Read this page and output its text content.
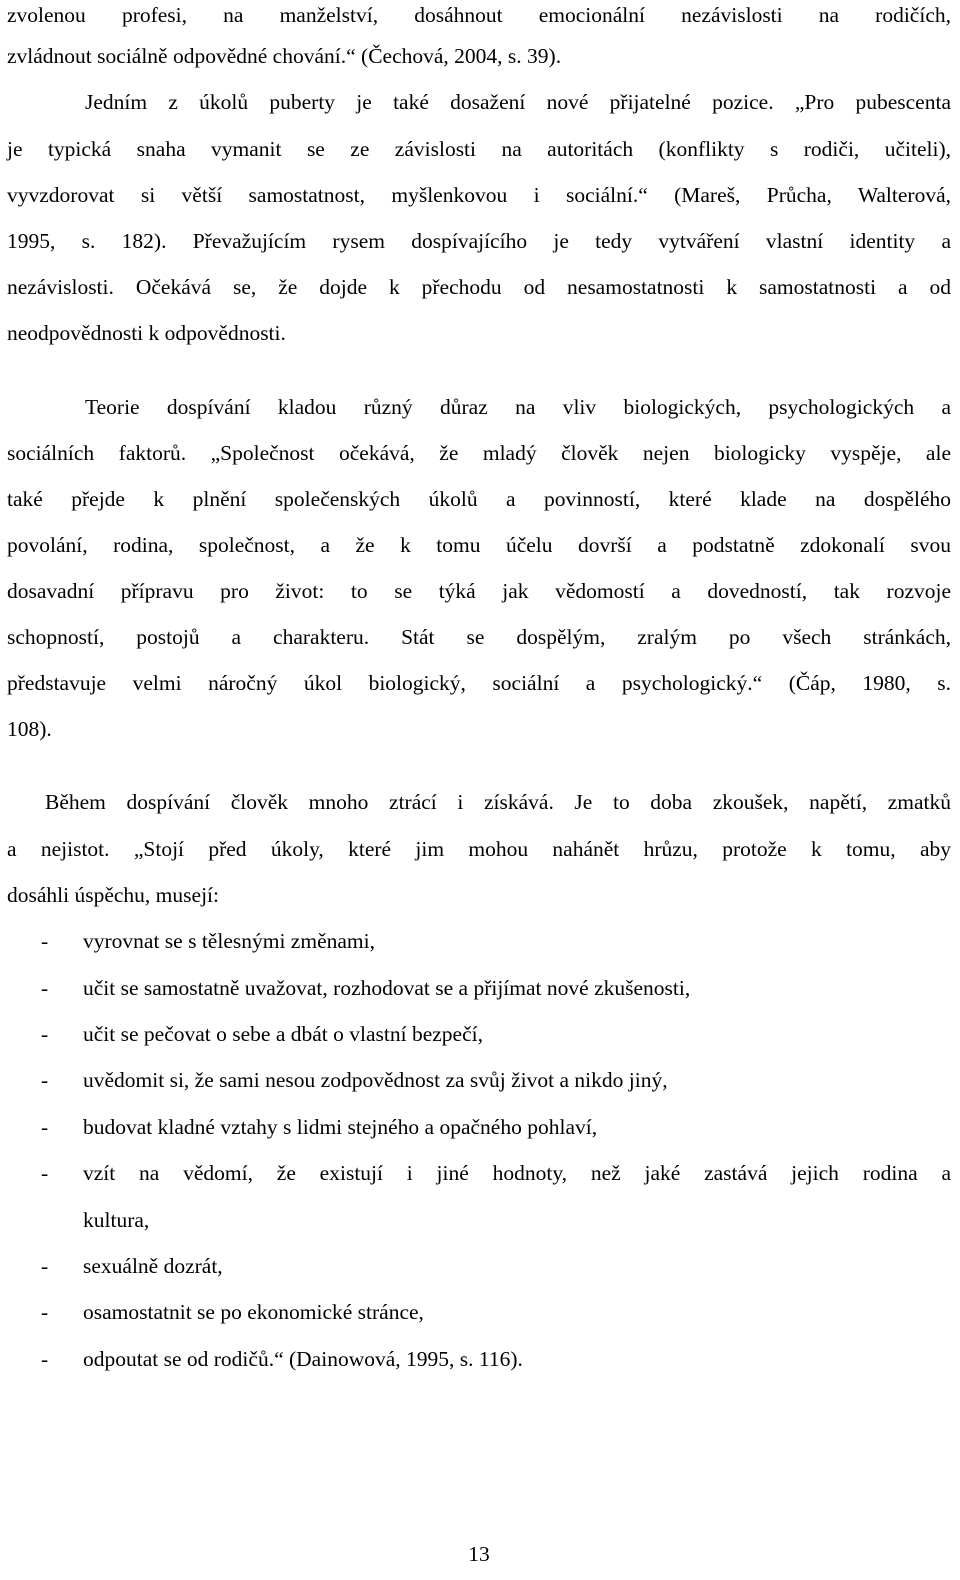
zvolenou profesi, na manželství, dosáhnout emocionální nezávislosti na rodičích,
zvládnout sociálně odpovědné chování.“ (Čechová, 2004, s. 39).
Jedním z úkolů puberty je také dosažení nové přijatelné pozice. „Pro pubescenta
je typická snaha vymanit se ze závislosti na autoritách (konflikty s rodiči, učiteli),
vyvzdorovat si větší samostatnost, myšlenkovou i sociální.“ (Mareš, Průcha, Walterová,
1995, s. 182). Převažujícím rysem dospívajícího je tedy vytváření vlastní identity a
nezávislosti. Očekává se, že dojde k přechodu od nesamostatnosti k samostatnosti a od
neodpovědnosti k odpovědnosti.
Teorie dospívání kladou různý důraz na vliv biologických, psychologických a
sociálních faktorů. „Společnost očekává, že mladý člověk nejen biologicky vyspěje, ale
také přejde k plnění společenských úkolů a povinností, které klade na dospělého
povolání, rodina, společnost, a že k tomu účelu dovrší a podstatně zdokonalí svou
dosavadní přípravu pro život: to se týká jak vědomostí a dovedností, tak rozvoje
schopností, postojů a charakteru. Stát se dospělým, zralým po všech stránkách,
představuje velmi náročný úkol biologický, sociální a psychologický.“ (Čáp, 1980, s.
108).
Během dospívání člověk mnoho ztrácí i získává. Je to doba zkoušek, napětí, zmatků
a nejistot. „Stojí před úkoly, které jim mohou nahánět hrůzu, protože k tomu, aby
dosáhli úspěchu, musejí:
- vyrovnat se s tělesnými změnami,
- učit se samostatně uvažovat, rozhodovat se a přijímat nové zkušenosti,
- učit se pečovat o sebe a dbát o vlastní bezpečí,
- uvědomit si, že sami nesou zodpovědnost za svůj život a nikdo jiný,
- budovat kladné vztahy s lidmi stejného a opačného pohlaví,
- vzít na vědomí, že existují i jiné hodnoty, než jaké zastává jejich rodina a
kultura,
- sexuálně dozrát,
- osamostatnit se po ekonomické stránce,
- odpoutat se od rodičů.“ (Dainowová, 1995, s. 116).
13
